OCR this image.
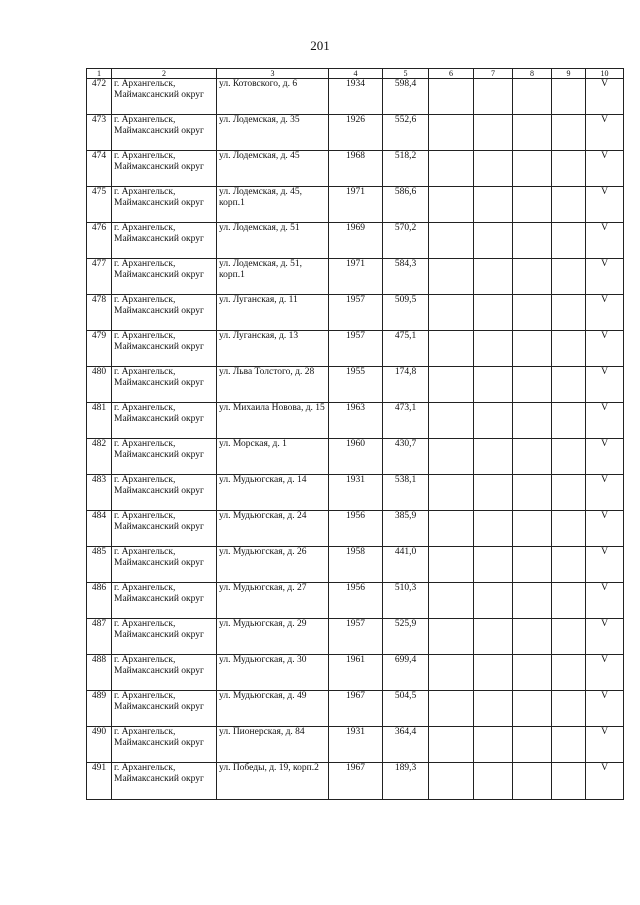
201
1	2	3	4	5	6	7	8	9	10
472	г. Архангельск, Маймаксанский округ	ул. Котовского, д. 6	1934	598,4					V
473	г. Архангельск, Маймаксанский округ	ул. Лодемская, д. 35	1926	552,6					V
474	г. Архангельск, Маймаксанский округ	ул. Лодемская, д. 45	1968	518,2					V
475	г. Архангельск, Маймаксанский округ	ул. Лодемская, д. 45, корп.1	1971	586,6					V
476	г. Архангельск, Маймаксанский округ	ул. Лодемская, д. 51	1969	570,2					V
477	г. Архангельск, Маймаксанский округ	ул. Лодемская, д. 51, корп.1	1971	584,3					V
478	г. Архангельск, Маймаксанский округ	ул. Луганская, д. 11	1957	509,5					V
479	г. Архангельск, Маймаксанский округ	ул. Луганская, д. 13	1957	475,1					V
480	г. Архангельск, Маймаксанский округ	ул. Льва Толстого, д. 28	1955	174,8					V
481	г. Архангельск, Маймаксанский округ	ул. Михаила Новова, д. 15	1963	473,1					V
482	г. Архангельск, Маймаксанский округ	ул. Морская, д. 1	1960	430,7					V
483	г. Архангельск, Маймаксанский округ	ул. Мудьюгская, д. 14	1931	538,1					V
484	г. Архангельск, Маймаксанский округ	ул. Мудьюгская, д. 24	1956	385,9					V
485	г. Архангельск, Маймаксанский округ	ул. Мудьюгская, д. 26	1958	441,0					V
486	г. Архангельск, Маймаксанский округ	ул. Мудьюгская, д. 27	1956	510,3					V
487	г. Архангельск, Маймаксанский округ	ул. Мудьюгская, д. 29	1957	525,9					V
488	г. Архангельск, Маймаксанский округ	ул. Мудьюгская, д. 30	1961	699,4					V
489	г. Архангельск, Маймаксанский округ	ул. Мудьюгская, д. 49	1967	504,5					V
490	г. Архангельск, Маймаксанский округ	ул. Пионерская, д. 84	1931	364,4					V
491	г. Архангельск, Маймаксанский округ	ул. Победы, д. 19, корп.2	1967	189,3					V
